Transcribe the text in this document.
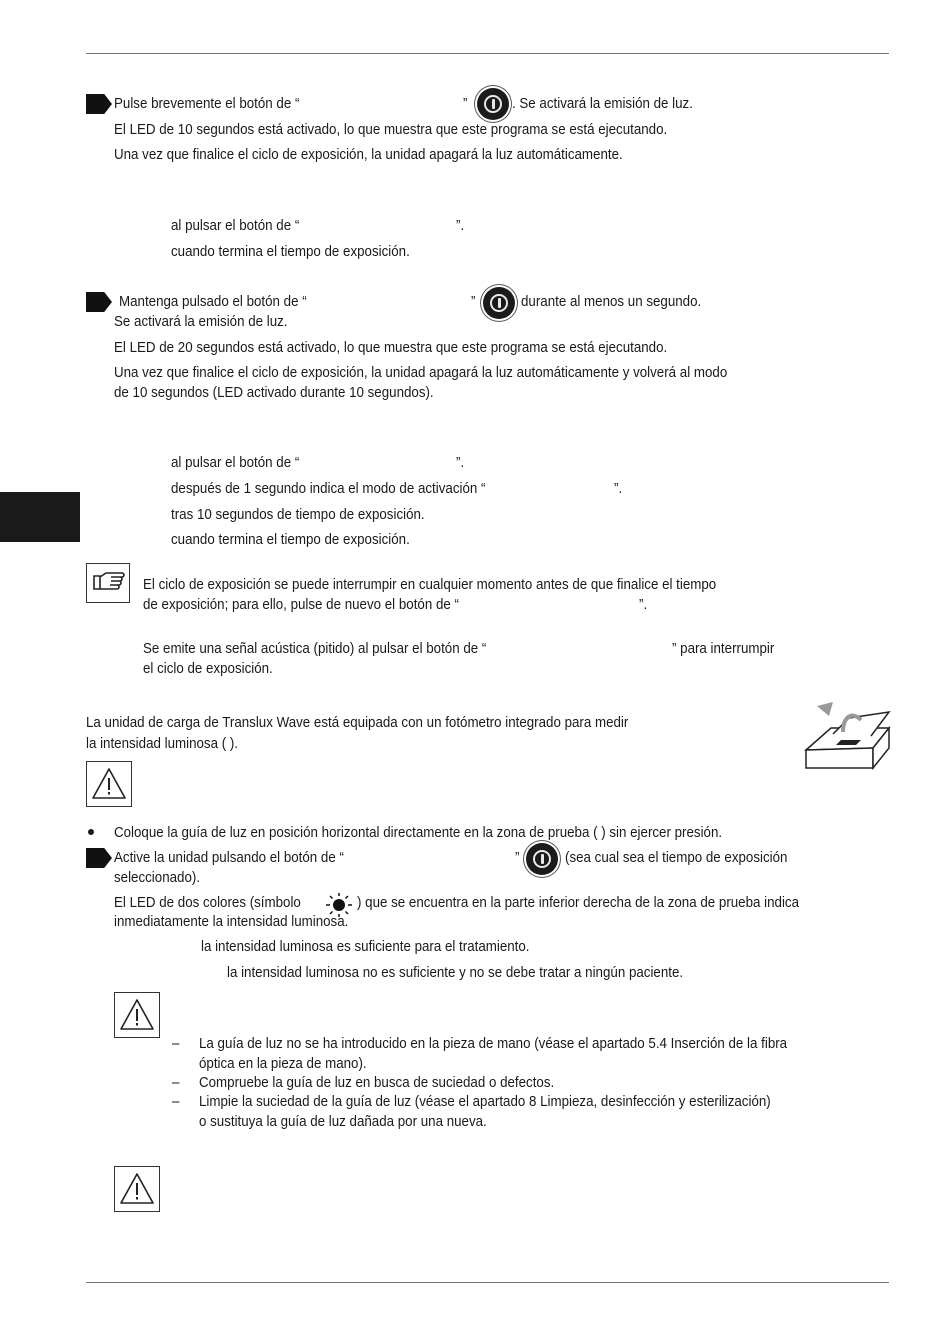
Pulse brevemente el botón de “	”	. Se activará la emisión de luz.
El LED de 10 segundos está activado, lo que muestra que este programa se está ejecutando.
Una vez que finalice el ciclo de exposición, la unidad apagará la luz automáticamente.
al pulsar el botón de “	”.
cuando termina el tiempo de exposición.
Mantenga pulsado el botón de “	”	durante al menos un segundo.
Se activará la emisión de luz.
El LED de 20 segundos está activado, lo que muestra que este programa se está ejecutando.
Una vez que finalice el ciclo de exposición, la unidad apagará la luz automáticamente y volverá al modo
de 10 segundos (LED activado durante 10 segundos).
al pulsar el botón de “	”.
después de 1 segundo indica el modo de activación “	”.
tras 10 segundos de tiempo de exposición.
cuando termina el tiempo de exposición.
El ciclo de exposición se puede interrumpir en cualquier momento antes de que finalice el tiempo
de exposición; para ello, pulse de nuevo el botón de “	”.
Se emite una señal acústica (pitido) al pulsar el botón de “	” para interrumpir
el ciclo de exposición.
La unidad de carga de Translux Wave está equipada con un fotómetro integrado para medir
la intensidad luminosa ( ).
Coloque la guía de luz en posición horizontal directamente en la zona de prueba ( ) sin ejercer presión.
Active la unidad pulsando el botón de “	”	(sea cual sea el tiempo de exposición
seleccionado).
El LED de dos colores (símbolo	) que se encuentra en la parte inferior derecha de la zona de prueba indica
inmediatamente la intensidad luminosa.
la intensidad luminosa es suficiente para el tratamiento.
la intensidad luminosa no es suficiente y no se debe tratar a ningún paciente.
– La guía de luz no se ha introducido en la pieza de mano (véase el apartado 5.4 Inserción de la fibra
óptica en la pieza de mano).
– Compruebe la guía de luz en busca de suciedad o defectos.
– Limpie la suciedad de la guía de luz (véase el apartado 8 Limpieza, desinfección y esterilización)
o sustituya la guía de luz dañada por una nueva.
